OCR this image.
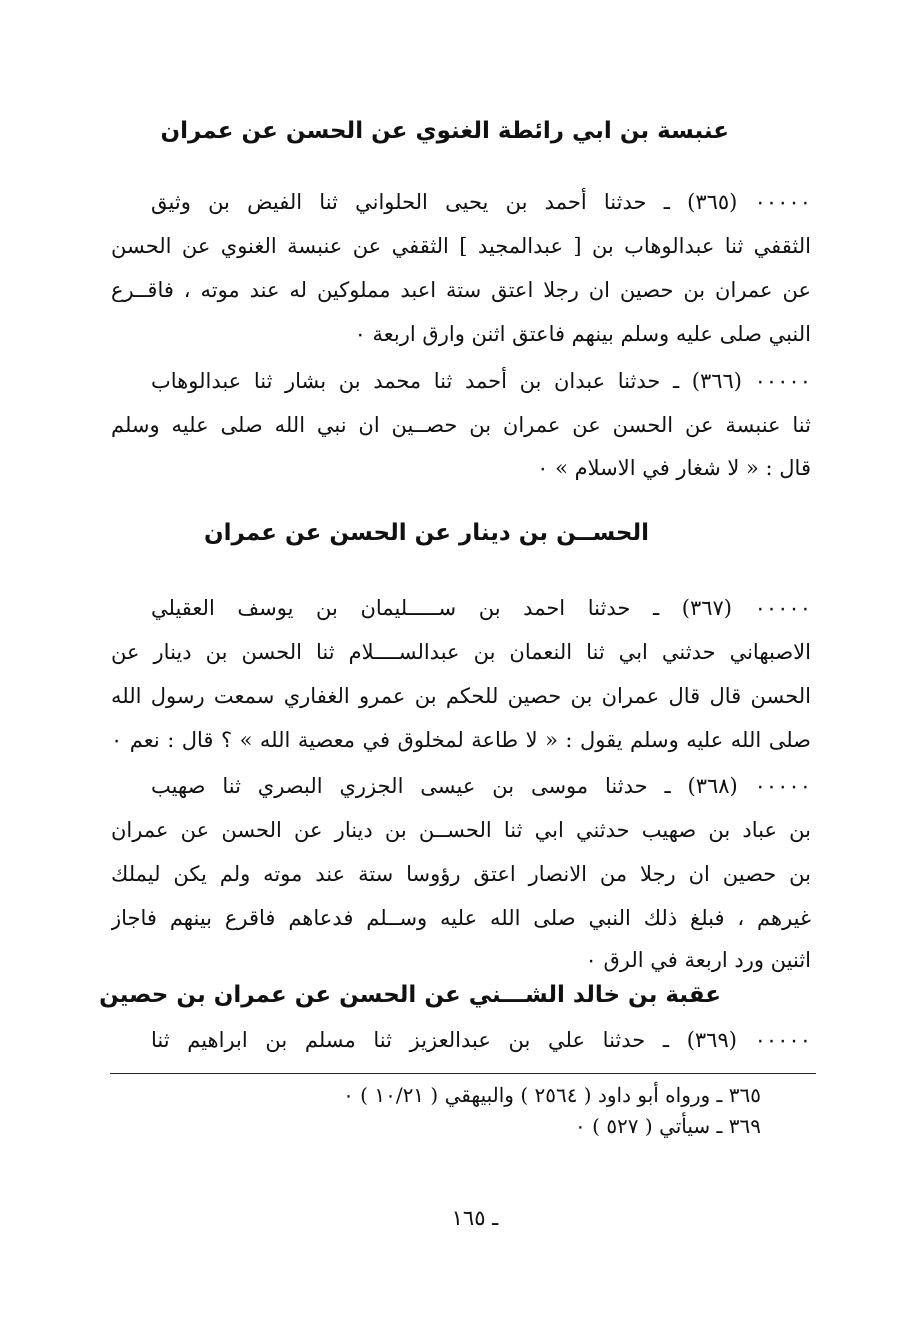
عنبسة بن ابي رائطة الغنوي عن الحسن عن عمران
٠٠٠٠٠ (٣٦٥) ـ حدثنا أحمد بن يحيى الحلواني ثنا الفيض بن وثيق
الثقفي ثنا عبدالوهاب بن [ عبدالمجيد ] الثقفي عن عنبسة الغنوي عن الحسن
عن عمران بن حصين ان رجلا اعتق ستة اعبد مملوكين له عند موته ، فاقــرع
النبي صلى عليه وسلم بينهم فاعتق اثنن وارق اربعة ٠
٠٠٠٠٠ (٣٦٦) ـ حدثنا عبدان بن أحمد ثنا محمد بن بشار ثنا عبدالوهاب
ثنا عنبسة عن الحسن عن عمران بن حصــين ان نبي الله صلى عليه وسلم
قال : « لا شغار في الاسلام » ٠
الحســن بن دينار عن الحسن عن عمران
٠٠٠٠٠ (٣٦٧) ـ حدثنا احمد بن ســـــليمان بن يوسف العقيلي
الاصبهاني حدثني ابي ثنا النعمان بن عبدالســــلام ثنا الحسن بن دينار عن
الحسن قال قال عمران بن حصين للحكم بن عمرو الغفاري سمعت رسول الله
صلى الله عليه وسلم يقول : « لا طاعة لمخلوق في معصية الله » ؟ قال : نعم ٠
٠٠٠٠٠ (٣٦٨) ـ حدثنا موسى بن عيسى الجزري البصري ثنا صهيب
بن عباد بن صهيب حدثني ابي ثنا الحســن بن دينار عن الحسن عن عمران
بن حصين ان رجلا من الانصار اعتق رؤوسا ستة عند موته ولم يكن ليملك
غيرهم ، فبلغ ذلك النبي صلى الله عليه وســلم فدعاهم فاقرع بينهم فاجاز
اثنين ورد اربعة في الرق ٠
عقبة بن خالد الشـــني عن الحسن عن عمران بن حصين
٠٠٠٠٠ (٣٦٩) ـ حدثنا علي بن عبدالعزيز ثنا مسلم بن ابراهيم ثنا
٣٦٥ ـ ورواه أبو داود ( ٢٥٦٤ ) والبيهقي ( ١٠/٢١ ) ٠
٣٦٩ ـ سيأتي ( ٥٢٧ ) ٠
ـ ١٦٥
